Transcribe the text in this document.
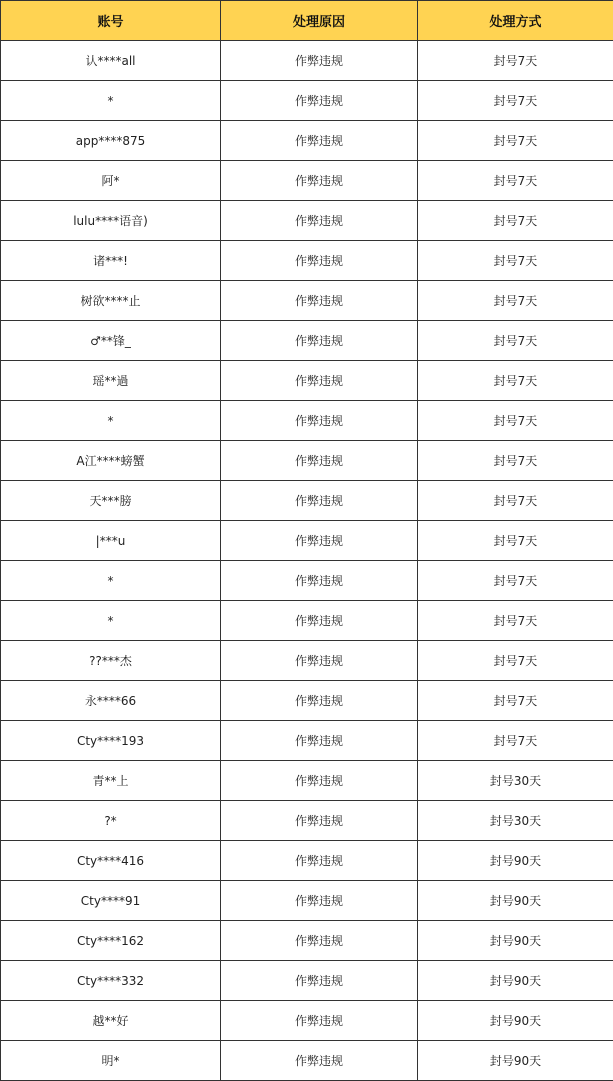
账号	处理原因	处理方式
认****all	作弊违规	封号7天
*	作弊违规	封号7天
app****875	作弊违规	封号7天
阿*	作弊违规	封号7天
lulu****语音)	作弊违规	封号7天
诸***!	作弊违规	封号7天
树欲****止	作弊违规	封号7天
♂**锋_	作弊违规	封号7天
瑶**過	作弊违规	封号7天
*	作弊违规	封号7天
A江****螃蟹	作弊违规	封号7天
天***膀	作弊违规	封号7天
|***u	作弊违规	封号7天
*	作弊违规	封号7天
*	作弊违规	封号7天
??***杰	作弊违规	封号7天
永****66	作弊违规	封号7天
Cty****193	作弊违规	封号7天
青**上	作弊违规	封号30天
?*	作弊违规	封号30天
Cty****416	作弊违规	封号90天
Cty****91	作弊违规	封号90天
Cty****162	作弊违规	封号90天
Cty****332	作弊违规	封号90天
越**好	作弊违规	封号90天
明*	作弊违规	封号90天
